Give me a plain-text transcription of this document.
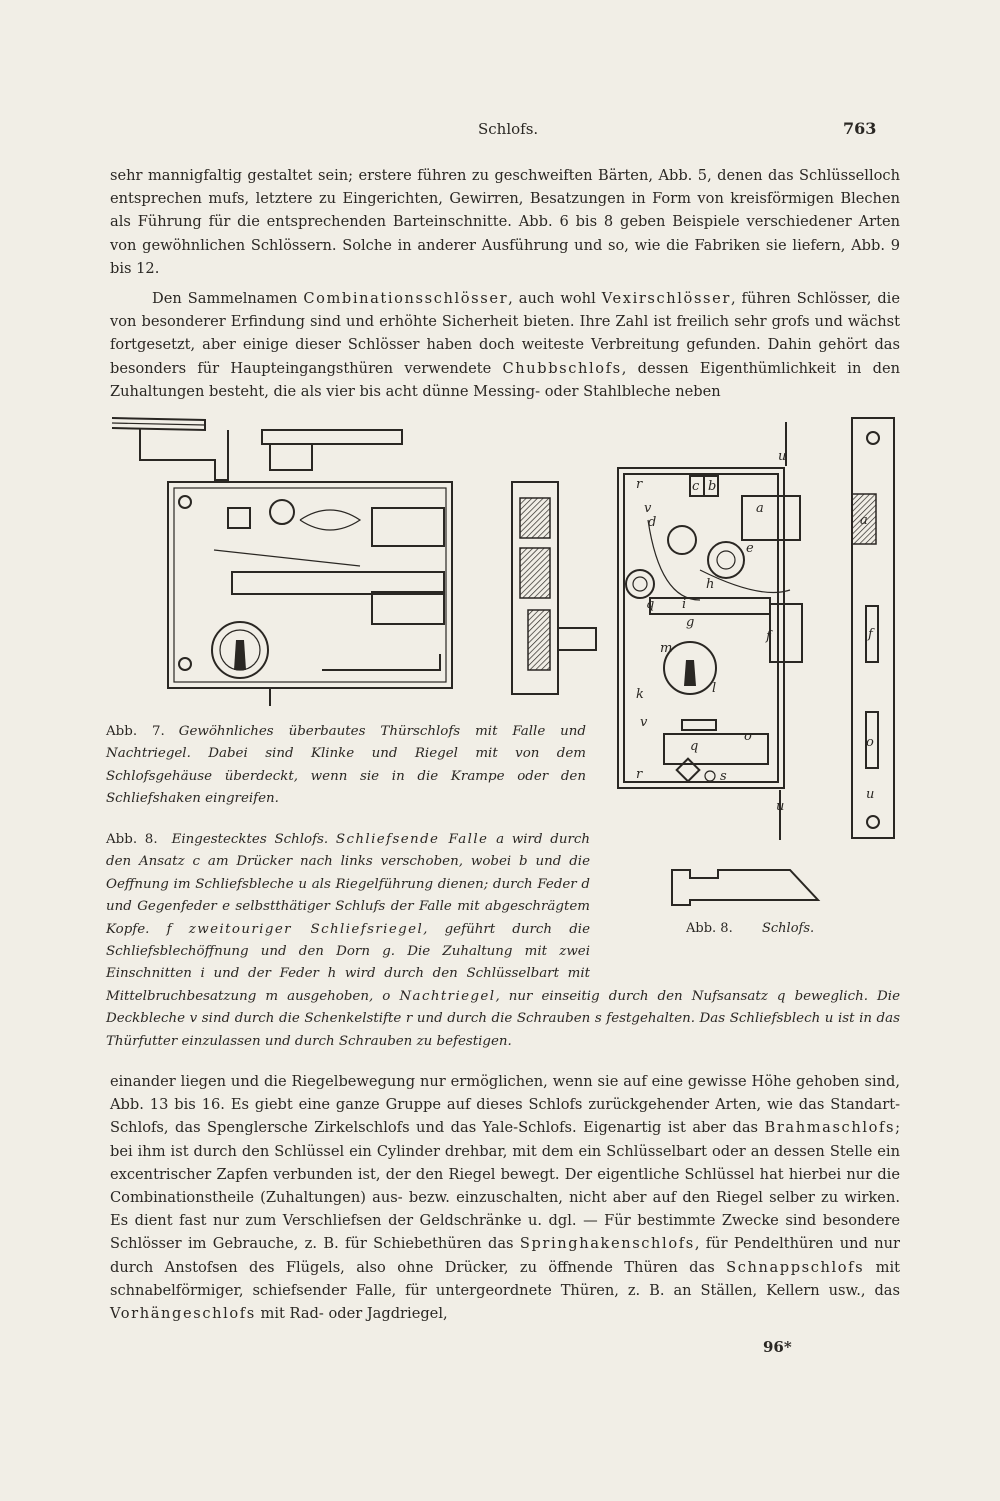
Schlofs.	763

sehr mannigfaltig gestaltet sein; erstere führen zu geschweiften Bärten, Abb. 5, denen das Schlüsselloch entsprechen mufs, letztere zu Eingerichten, Gewirren, Besatzungen in Form von kreisförmigen Blechen als Führung für die entsprechenden Barteinschnitte. Abb. 6 bis 8 geben Beispiele verschiedener Arten von gewöhnlichen Schlössern. Solche in anderer Ausführung und so, wie die Fabriken sie liefern, Abb. 9 bis 12.

Den Sammelnamen Combinationsschlösser, auch wohl Vexirschlösser, führen Schlösser, die von besonderer Erfindung sind und erhöhte Sicherheit bieten. Ihre Zahl ist freilich sehr grofs und wächst fortgesetzt, aber einige dieser Schlösser haben doch weiteste Verbreitung gefunden. Dahin gehört das besonders für Haupteingangsthüren verwendete Chubbschlofs, dessen Eigenthümlichkeit in den Zuhaltungen besteht, die als vier bis acht dünne Messing- oder Stahlbleche neben

r
v
d
c b
a
e
h
q i
g
f
m
k	l
v
o
q
r	s
u
u
a
f
o
u
Abb. 8. Schlofs.

Abb. 7. Gewöhnliches überbautes Thürschlofs mit Falle und Nachtriegel. Dabei sind Klinke und Riegel mit von dem Schlofsgehäuse überdeckt, wenn sie in die Krampe oder den Schliefshaken eingreifen.

Abb. 8. Eingestecktes Schlofs. Schliefsende Falle a wird durch den Ansatz c am Drücker nach links verschoben, wobei b und die Oeffnung im Schliefsbleche u als Riegelführung dienen; durch Feder d und Gegenfeder e selbstthätiger Schlufs der Falle mit abgeschrägtem Kopfe. f zweitouriger Schliefsriegel, geführt durch die Schliefsblechöffnung und den Dorn g. Die Zuhaltung mit zwei Einschnitten i und der Feder h wird durch den Schlüsselbart mit Mittelbruchbesatzung m ausgehoben, o Nachtriegel, nur einseitig durch den Nufsansatz q beweglich. Die Deckbleche v sind durch die Schenkelstifte r und durch die Schrauben s festgehalten. Das Schliefsblech u ist in das Thürfutter einzulassen und durch Schrauben zu befestigen.

einander liegen und die Riegelbewegung nur ermöglichen, wenn sie auf eine gewisse Höhe gehoben sind, Abb. 13 bis 16. Es giebt eine ganze Gruppe auf dieses Schlofs zurückgehender Arten, wie das Standart-Schlofs, das Spenglersche Zirkelschlofs und das Yale-Schlofs. Eigenartig ist aber das Brahmaschlofs; bei ihm ist durch den Schlüssel ein Cylinder drehbar, mit dem ein Schlüsselbart oder an dessen Stelle ein excentrischer Zapfen verbunden ist, der den Riegel bewegt. Der eigentliche Schlüssel hat hierbei nur die Combinationstheile (Zuhaltungen) aus- bezw. einzuschalten, nicht aber auf den Riegel selber zu wirken. Es dient fast nur zum Verschliefsen der Geldschränke u. dgl. — Für bestimmte Zwecke sind besondere Schlösser im Gebrauche, z. B. für Schiebethüren das Springhakenschlofs, für Pendelthüren und nur durch Anstofsen des Flügels, also ohne Drücker, zu öffnende Thüren das Schnappschlofs mit schnabelförmiger, schiefsender Falle, für untergeordnete Thüren, z. B. an Ställen, Kellern usw., das Vorhängeschlofs mit Rad- oder Jagdriegel,

96*
